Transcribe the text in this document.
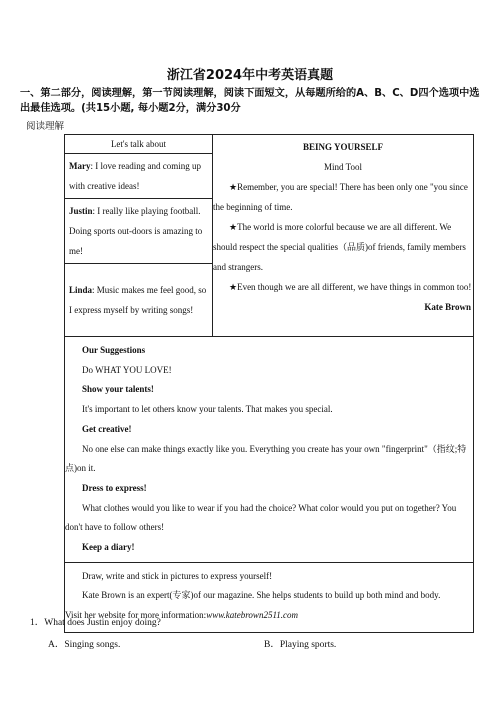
浙江省2024年中考英语真题
一、第二部分，阅读理解，第一节阅读理解，阅读下面短文，从每题所给的A、B、C、D四个选项中选出最佳选项。(共15小题, 每小题2分，满分30分
阅读理解
Let's talk about	BEING YOURSELF
Mind Tool

★Remember, you are special! There has been only one "you since the beginning of time.

★The world is more colorful because we are all different. We should respect the special qualities（品质)of friends, family members and strangers.

★Even though we are all different, we have things in common too!

Kate Brown

Mary: I love reading and coming up with creative ideas!
Justin: I really like playing football. Doing sports out-doors is amazing to me!
Linda: Music makes me feel good, so I express myself by writing songs!

Our Suggestions
Do WHAT YOU LOVE!
Show your talents!

It's important to let others know your talents. That makes you special.

Get creative!

No one else can make things exactly like you. Everything you create has your own "fingerprint"（指纹;特点)on it.

Dress to express!

What clothes would you like to wear if you had the choice? What color would you put on together? You don't have to follow others!

Keep a diary!

Draw, write and stick in pictures to express yourself!

Kate Brown is an expert(专家)of our magazine. She helps students to build up both mind and body.

Visit her website for more information:www.katebrown2511.com
1．What does Justin enjoy doing?
A．Singing songs.	B．Playing sports.
